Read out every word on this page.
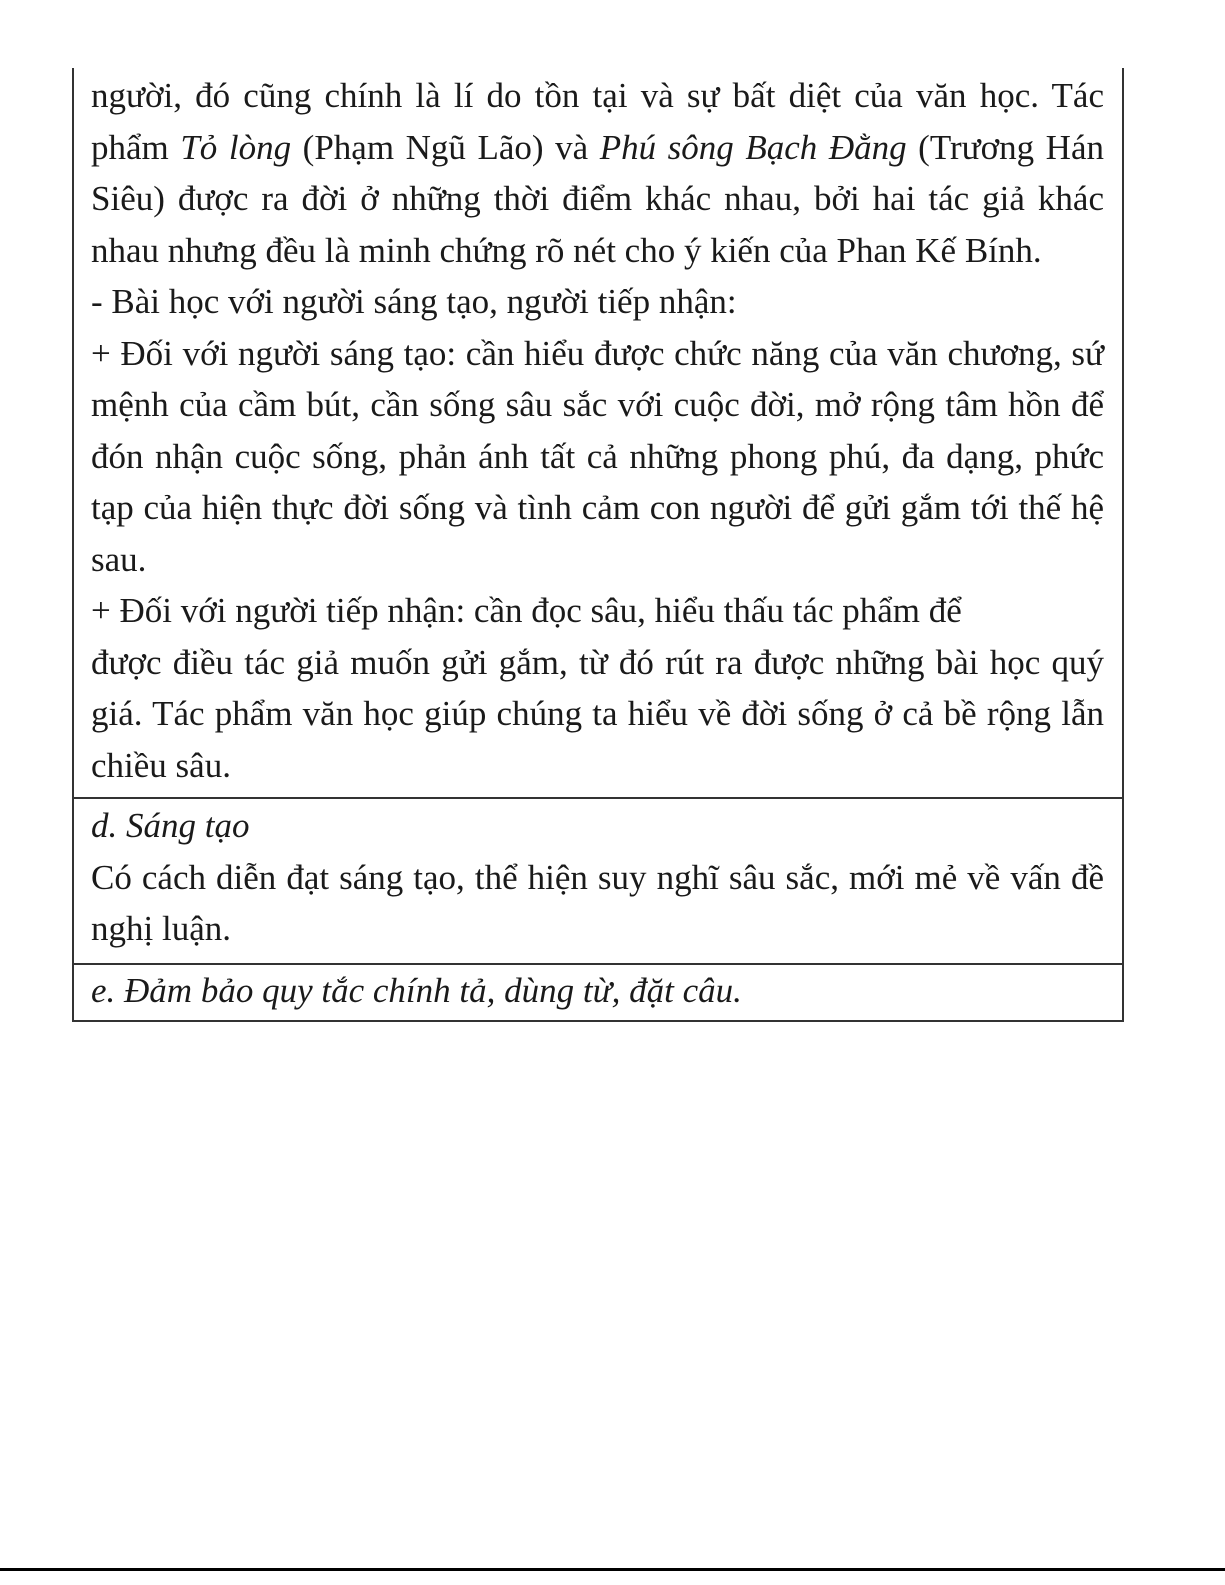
người, đó cũng chính là lí do tồn tại và sự bất diệt của văn học. Tác phẩm Tỏ lòng (Phạm Ngũ Lão) và Phú sông Bạch Đằng (Trương Hán Siêu) được ra đời ở những thời điểm khác nhau, bởi hai tác giả khác nhau nhưng đều là minh chứng rõ nét cho ý kiến của Phan Kế Bính.

- Bài học với người sáng tạo, người tiếp nhận:

+ Đối với người sáng tạo: cần hiểu được chức năng của văn chương, sứ mệnh của cầm bút, cần sống sâu sắc với cuộc đời, mở rộng tâm hồn để đón nhận cuộc sống, phản ánh tất cả những phong phú, đa dạng, phức tạp của hiện thực đời sống và tình cảm con người để gửi gắm tới thế hệ sau.

+ Đối với người tiếp nhận: cần đọc sâu, hiểu thấu tác phẩm để

được điều tác giả muốn gửi gắm, từ đó rút ra được những bài học quý giá. Tác phẩm văn học giúp chúng ta hiểu về đời sống ở cả bề rộng lẫn chiều sâu.

d. Sáng tạo

Có cách diễn đạt sáng tạo, thể hiện suy nghĩ sâu sắc, mới mẻ về vấn đề nghị luận.

e. Đảm bảo quy tắc chính tả, dùng từ, đặt câu.
